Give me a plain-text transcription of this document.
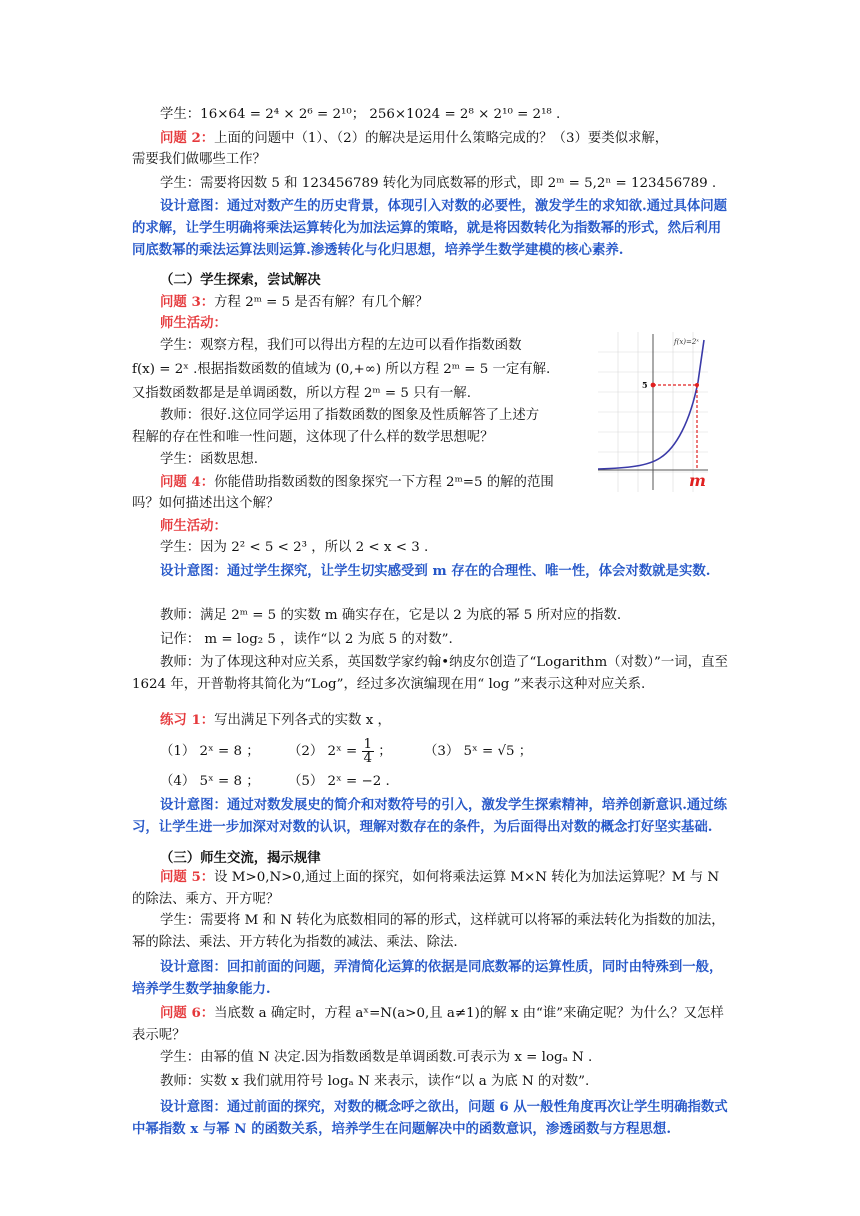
学生：16×64 = 2⁴ × 2⁶ = 2¹⁰； 256×1024 = 2⁸ × 2¹⁰ = 2¹⁸ .
问题 2：上面的问题中（1）、（2）的解决是运用什么策略完成的？（3）要类似求解，
需要我们做哪些工作？
学生：需要将因数 5 和 123456789 转化为同底数幂的形式，即 2ᵐ = 5,2ⁿ = 123456789 .
设计意图：通过对数产生的历史背景，体现引入对数的必要性，激发学生的求知欲.通过具体问题的求解，让学生明确将乘法运算转化为加法运算的策略，就是将因数转化为指数幂的形式，然后利用同底数幂的乘法运算法则运算.渗透转化与化归思想，培养学生数学建模的核心素养.
（二）学生探索，尝试解决
问题 3：方程 2ᵐ = 5 是否有解？有几个解？
师生活动：
学生：观察方程，我们可以得出方程的左边可以看作指数函数
f(x) = 2ˣ .根据指数函数的值域为 (0,+∞) 所以方程 2ᵐ = 5 一定有解.
又指数函数都是是单调函数，所以方程 2ᵐ = 5 只有一解.
教师：很好.这位同学运用了指数函数的图象及性质解答了上述方
程解的存在性和唯一性问题，这体现了什么样的数学思想呢？
学生：函数思想.
问题 4：你能借助指数函数的图象探究一下方程 2ᵐ=5 的解的范围
吗？如何描述出这个解？
师生活动：
学生：因为 2² < 5 < 2³ ，所以 2 < x < 3 .
设计意图：通过学生探究，让学生切实感受到 m 存在的合理性、唯一性，体会对数就是实数.
教师：满足 2ᵐ = 5 的实数 m 确实存在，它是以 2 为底的幂 5 所对应的指数.
记作： m = log₂ 5 ，读作“以 2 为底 5 的对数”.
教师：为了体现这种对应关系，英国数学家约翰•纳皮尔创造了“Logarithm（对数）”一词，直至 1624 年，开普勒将其简化为“Log”，经过多次演编现在用“ log ”来表示这种对应关系.
练习 1：写出满足下列各式的实数 x ，
（1） 2ˣ = 8 ； （2） 2ˣ = $\frac{1}{4}$ ； （3） 5ˣ = √5 ；
（4） 5ˣ = 8 ； （5） 2ˣ = −2 .
设计意图：通过对数发展史的简介和对数符号的引入，激发学生探索精神，培养创新意识.通过练习，让学生进一步加深对对数的认识，理解对数存在的条件，为后面得出对数的概念打好坚实基础.
（三）师生交流，揭示规律
问题 5：设 M>0,N>0,通过上面的探究，如何将乘法运算 M×N 转化为加法运算呢？M 与 N 的除法、乘方、开方呢？
学生：需要将 M 和 N 转化为底数相同的幂的形式，这样就可以将幂的乘法转化为指数的加法，幂的除法、乘法、开方转化为指数的减法、乘法、除法.
设计意图：回扣前面的问题，弄清简化运算的依据是同底数幂的运算性质，同时由特殊到一般，培养学生数学抽象能力.
问题 6：当底数 a 确定时，方程 aˣ=N(a>0,且 a≠1)的解 x 由“谁”来确定呢？为什么？又怎样表示呢？
学生：由幂的值 N 决定.因为指数函数是单调函数.可表示为 x = logₐ N .
教师：实数 x 我们就用符号 logₐ N 来表示，读作“以 a 为底 N 的对数”.
设计意图：通过前面的探究，对数的概念呼之欲出，问题 6 从一般性角度再次让学生明确指数式中幂指数 x 与幂 N 的函数关系，培养学生在问题解决中的函数意识，渗透函数与方程思想.
f(x)=2ˣ
5
m
